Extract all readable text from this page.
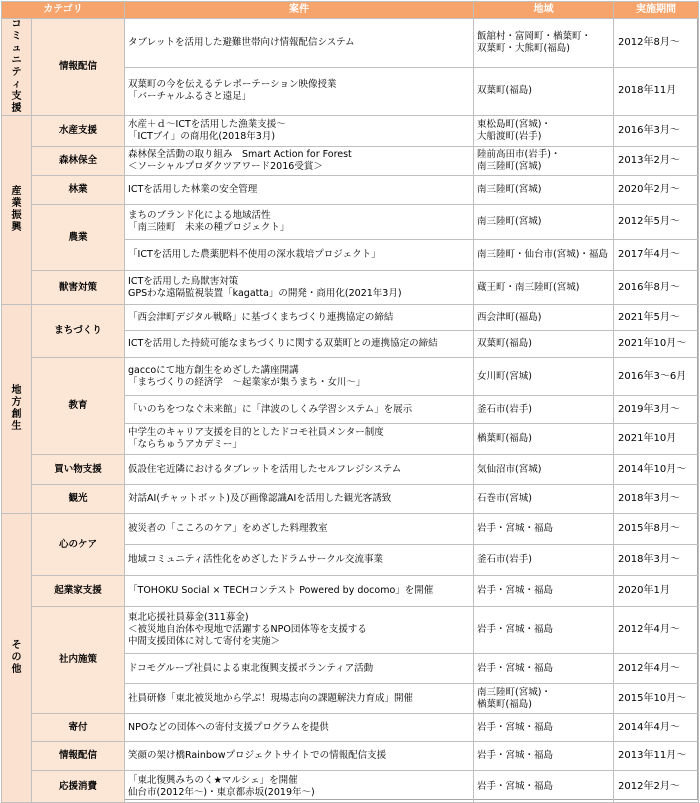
カテゴリ		案件	地域	実施期間
コミュニティ支援	情報配信	タブレットを活用した避難世帯向け情報配信システム	飯舘村・富岡町・楢葉町・
双葉町・大熊町(福島)	2012年8月～

		双葉町の今を伝えるテレポーテーション映像授業
「バーチャルふるさと遠足」	双葉町(福島)	2018年11月
産業振興	水産支援	水産＋ｄ～ICTを活用した漁業支援～
「ICTブイ」の商用化(2018年3月)	東松島町(宮城)・
大船渡町(岩手)	2016年3月～
	森林保全	森林保全活動の取り組み　Smart Action for Forest
＜ソーシャルプロダクツアワード2016受賞＞	陸前高田市(岩手)・
南三陸町(宮城)	2013年2月～
	林業	ICTを活用した林業の安全管理	南三陸町(宮城)	2020年2月～
	農業	まちのブランド化による地域活性
「南三陸町　未来の種プロジェクト」	南三陸町(宮城)	2012年5月～

		「ICTを活用した農薬肥料不使用の深水栽培プロジェクト」	南三陸町・仙台市(宮城)・福島	2017年4月～
	獣害対策	ICTを活用した鳥獣害対策
GPSわな遠隔監視装置「kagatta」の開発・商用化(2021年3月)	蔵王町・南三陸町(宮城)	2016年8月～
地方創生	まちづくり	「西会津町デジタル戦略」に基づくまちづくり連携協定の締結	西会津町(福島)	2021年5月～

		ICTを活用した持続可能なまちづくりに関する双葉町との連携協定の締結	双葉町(福島)	2021年10月～
	教育	gaccoにて地方創生をめざした講座開講
「まちづくりの経済学　～起業家が集うまち・女川～」	女川町(宮城)	2016年3～6月

		「いのちをつなぐ未来館」に「津波のしくみ学習システム」を展示	釜石市(岩手)	2019年3月～

		中学生のキャリア支援を目的としたドコモ社員メンター制度
「ならちゅうアカデミー」	楢葉町(福島)	2021年10月
	買い物支援	仮設住宅近隣におけるタブレットを活用したセルフレジシステム	気仙沼市(宮城)	2014年10月～
	観光	対話AI(チャットボット)及び画像認識AIを活用した観光客誘致	石巻市(宮城)	2018年3月～
その他	心のケア	被災者の「こころのケア」をめざした料理教室	岩手・宮城・福島	2015年8月～

		地域コミュニティ活性化をめざしたドラムサークル交流事業	釜石市(岩手)	2018年3月～
	起業家支援	「TOHOKU Social × TECHコンテスト Powered by docomo」を開催	岩手・宮城・福島	2020年1月
	社内施策	東北応援社員募金(311募金)
＜被災地自治体や現地で活躍するNPO団体等を支援する
中間支援団体に対して寄付を実施＞	岩手・宮城・福島	2012年4月～

		ドコモグループ社員による東北復興支援ボランティア活動	岩手・宮城・福島	2012年4月～

		社員研修「東北被災地から学ぶ！現場志向の課題解決力育成」開催	南三陸町(宮城)・
楢葉町(福島)	2015年10月～
	寄付	NPOなどの団体への寄付支援プログラムを提供	岩手・宮城・福島	2014年4月～
	情報配信	笑顔の架け橋Rainbowプロジェクトサイトでの情報配信支援	岩手・宮城・福島	2013年11月～
	応援消費	「東北復興みちのく★マルシェ」を開催
仙台市(2012年～)・東京都赤坂(2019年～)	岩手・宮城・福島	2012年2月～
